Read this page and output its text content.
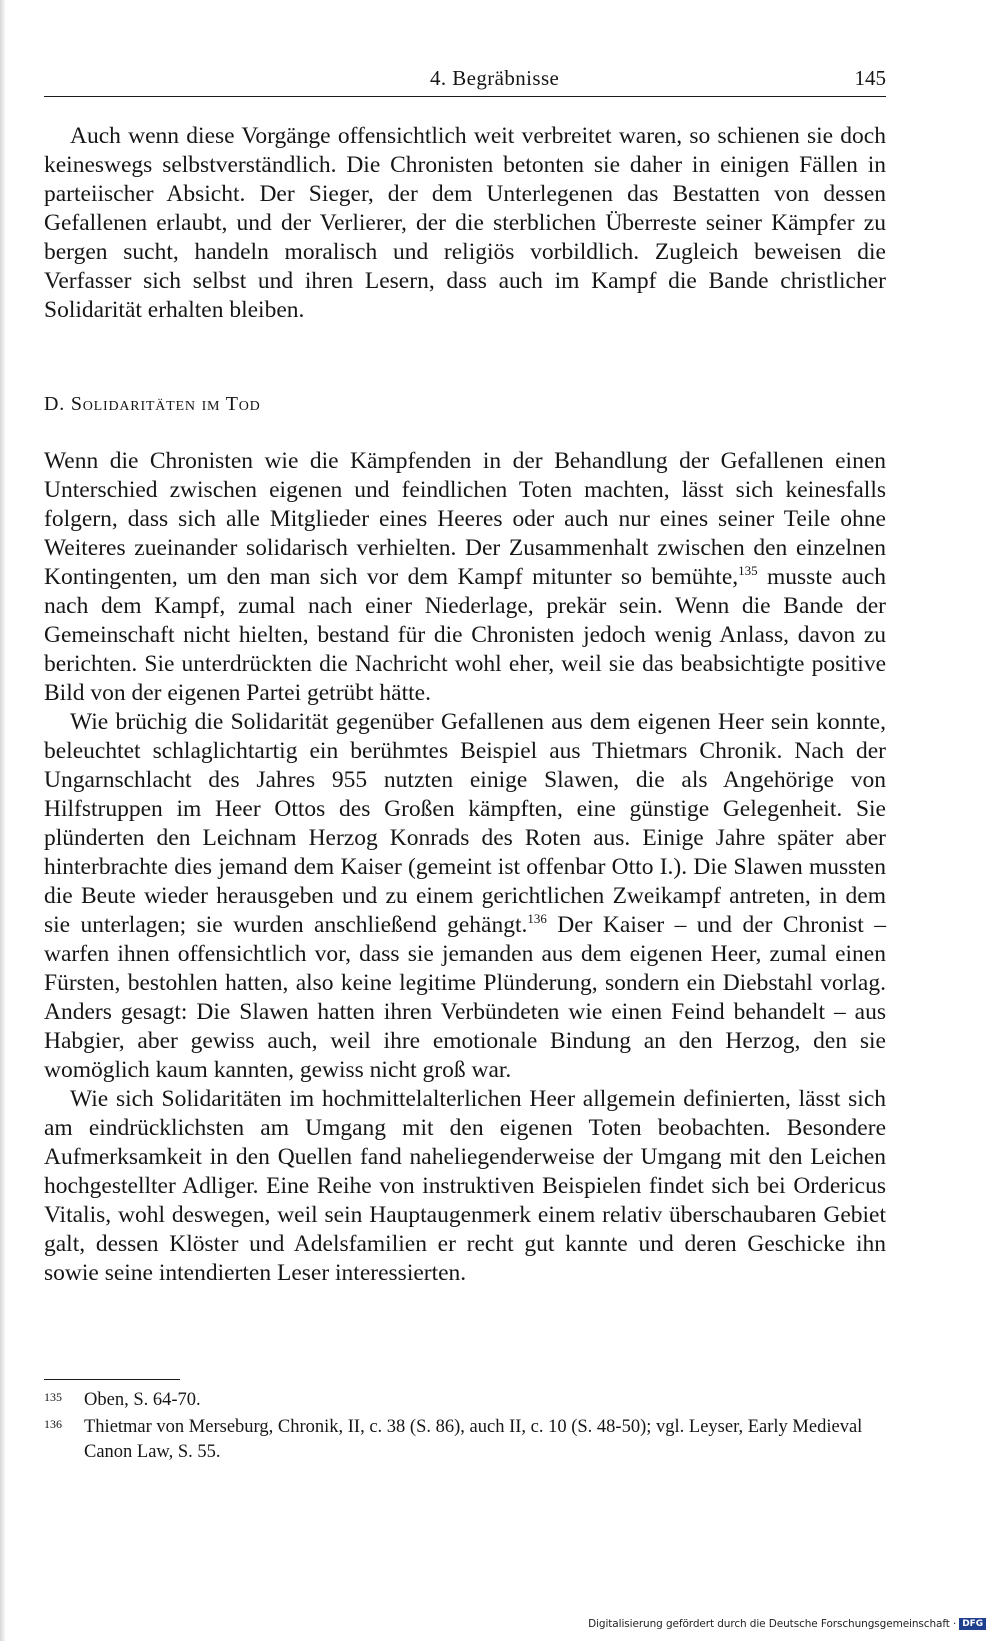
4. Begräbnisse	145

Auch wenn diese Vorgänge offensichtlich weit verbreitet waren, so schienen sie doch keineswegs selbstverständlich. Die Chronisten betonten sie daher in einigen Fällen in parteiischer Absicht. Der Sieger, der dem Unterlegenen das Bestatten von dessen Gefallenen erlaubt, und der Verlierer, der die sterblichen Überreste seiner Kämpfer zu bergen sucht, handeln moralisch und religiös vorbildlich. Zugleich beweisen die Verfasser sich selbst und ihren Lesern, dass auch im Kampf die Bande christlicher Solidarität erhalten bleiben.

D. Solidaritäten im Tod

Wenn die Chronisten wie die Kämpfenden in der Behandlung der Gefallenen einen Unterschied zwischen eigenen und feindlichen Toten machten, lässt sich keinesfalls folgern, dass sich alle Mitglieder eines Heeres oder auch nur eines seiner Teile ohne Weiteres zueinander solidarisch verhielten. Der Zusammenhalt zwischen den einzelnen Kontingenten, um den man sich vor dem Kampf mitunter so bemühte,$^{135}$ musste auch nach dem Kampf, zumal nach einer Niederlage, prekär sein. Wenn die Bande der Gemeinschaft nicht hielten, bestand für die Chronisten jedoch wenig Anlass, davon zu berichten. Sie unterdrückten die Nachricht wohl eher, weil sie das beabsichtigte positive Bild von der eigenen Partei getrübt hätte.

Wie brüchig die Solidarität gegenüber Gefallenen aus dem eigenen Heer sein konnte, beleuchtet schlaglichtartig ein berühmtes Beispiel aus Thietmars Chronik. Nach der Ungarnschlacht des Jahres 955 nutzten einige Slawen, die als Angehörige von Hilfstruppen im Heer Ottos des Großen kämpften, eine günstige Gelegenheit. Sie plünderten den Leichnam Herzog Konrads des Roten aus. Einige Jahre später aber hinterbrachte dies jemand dem Kaiser (gemeint ist offenbar Otto I.). Die Slawen mussten die Beute wieder herausgeben und zu einem gerichtlichen Zweikampf antreten, in dem sie unterlagen; sie wurden anschließend gehängt.$^{136}$ Der Kaiser – und der Chronist – warfen ihnen offensichtlich vor, dass sie jemanden aus dem eigenen Heer, zumal einen Fürsten, bestohlen hatten, also keine legitime Plünderung, sondern ein Diebstahl vorlag. Anders gesagt: Die Slawen hatten ihren Verbündeten wie einen Feind behandelt – aus Habgier, aber gewiss auch, weil ihre emotionale Bindung an den Herzog, den sie womöglich kaum kannten, gewiss nicht groß war.

Wie sich Solidaritäten im hochmittelalterlichen Heer allgemein definierten, lässt sich am eindrücklichsten am Umgang mit den eigenen Toten beobachten. Besondere Aufmerksamkeit in den Quellen fand naheliegenderweise der Umgang mit den Leichen hochgestellter Adliger. Eine Reihe von instruktiven Beispielen findet sich bei Ordericus Vitalis, wohl deswegen, weil sein Hauptaugenmerk einem relativ überschaubaren Gebiet galt, dessen Klöster und Adelsfamilien er recht gut kannte und deren Geschicke ihn sowie seine intendierten Leser interessierten.

135 Oben, S. 64-70.
136 Thietmar von Merseburg, Chronik, II, c. 38 (S. 86), auch II, c. 10 (S. 48-50); vgl. Leyser, Early Medieval Canon Law, S. 55.
Digitalisierung gefördert durch die Deutsche Forschungsgemeinschaft · DFG
